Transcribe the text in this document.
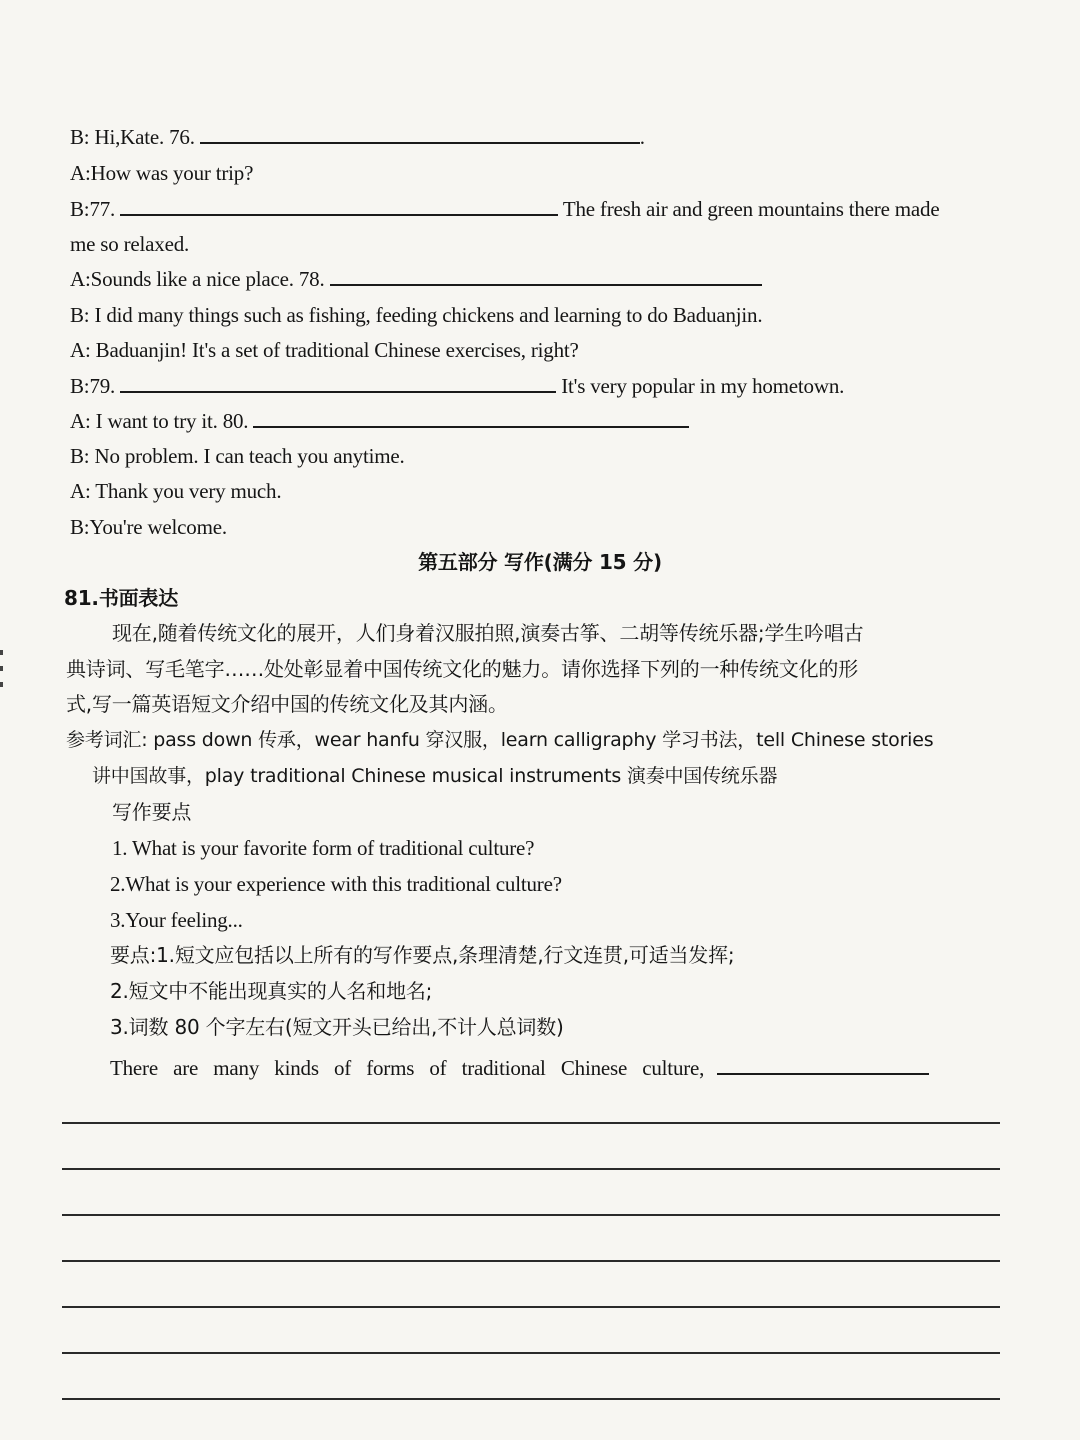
B: Hi,Kate. 76.	.
A:How was your trip?
B:77.	The fresh air and green mountains there made
me so relaxed.
A:Sounds like a nice place. 78.
B: I did many things such as fishing, feeding chickens and learning to do Baduanjin.
A: Baduanjin! It's a set of traditional Chinese exercises, right?
B:79.	It's very popular in my hometown.
A: I want to try it. 80.
B: No problem. I can teach you anytime.
A: Thank you very much.
B:You're welcome.
第五部分 写作(满分 15 分)
81.书面表达
现在,随着传统文化的展开，人们身着汉服拍照,演奏古筝、二胡等传统乐器;学生吟唱古
典诗词、写毛笔字……处处彰显着中国传统文化的魅力。请你选择下列的一种传统文化的形
式,写一篇英语短文介绍中国的传统文化及其内涵。
参考词汇: pass down 传承，wear hanfu 穿汉服，learn calligraphy 学习书法，tell Chinese stories
讲中国故事，play traditional Chinese musical instruments 演奏中国传统乐器
写作要点
1. What is your favorite form of traditional culture?
2.What is your experience with this traditional culture?
3.Your feeling...
要点:1.短文应包括以上所有的写作要点,条理清楚,行文连贯,可适当发挥;
2.短文中不能出现真实的人名和地名;
3.词数 80 个字左右(短文开头已给出,不计人总词数)
There   are   many   kinds   of   forms   of   traditional   Chinese   culture,
